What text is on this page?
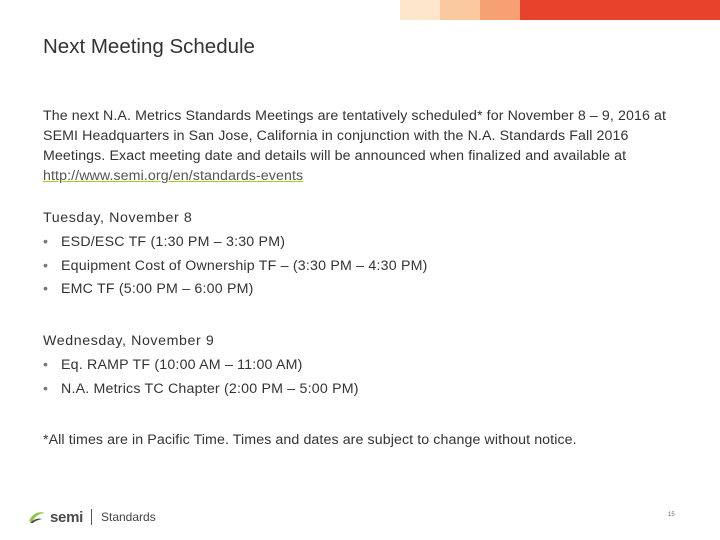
Next Meeting Schedule

The next N.A. Metrics Standards Meetings are tentatively scheduled* for November 8 – 9, 2016 at SEMI Headquarters in San Jose, California in conjunction with the N.A. Standards Fall 2016 Meetings. Exact meeting date and details will be announced when finalized and available at http://www.semi.org/en/standards-events

Tuesday, November 8

• ESD/ESC TF (1:30 PM – 3:30 PM)
• Equipment Cost of Ownership TF – (3:30 PM – 4:30 PM)
• EMC TF (5:00 PM – 6:00 PM)

Wednesday, November 9

• Eq. RAMP TF (10:00 AM – 11:00 AM)
• N.A. Metrics TC Chapter (2:00 PM – 5:00 PM)

*All times are in Pacific Time. Times and dates are subject to change without notice.

semi Standards	15
